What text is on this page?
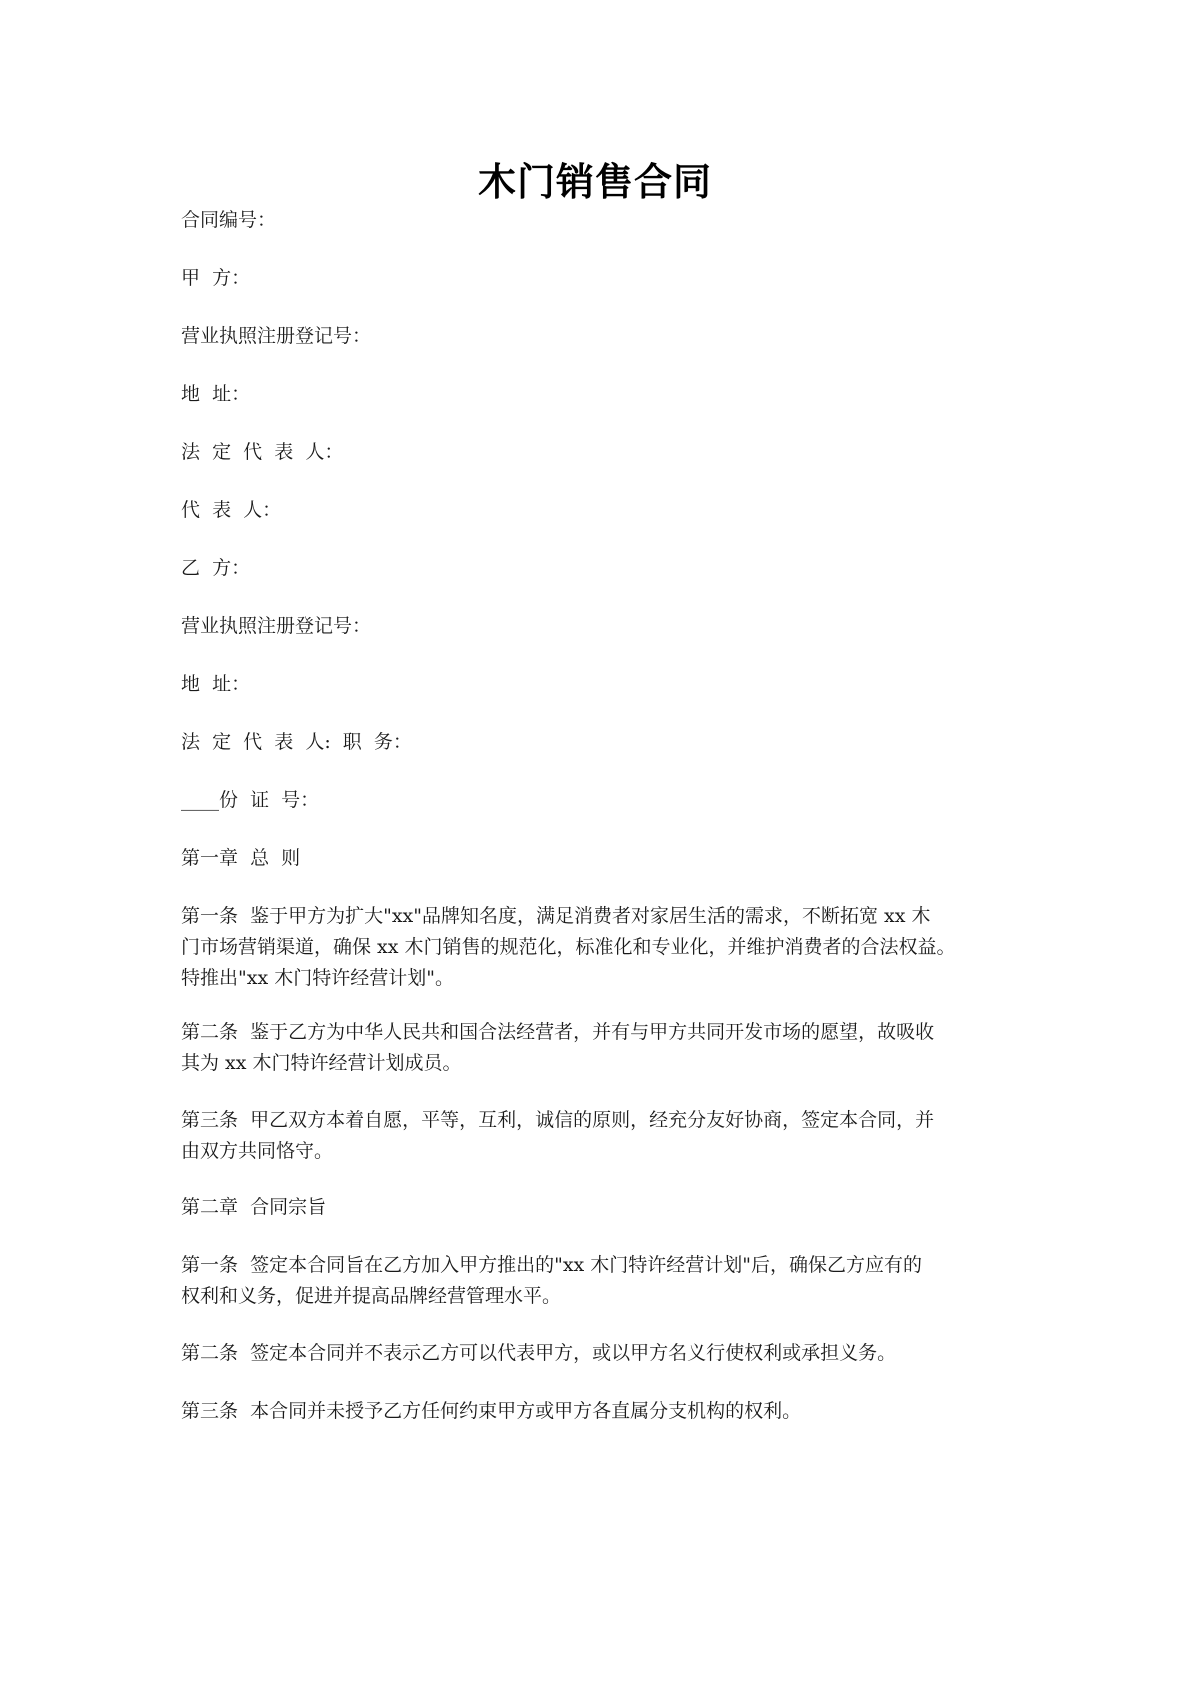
木门销售合同
合同编号：
甲  方：
营业执照注册登记号：
地  址：
法  定  代  表  人：
代  表  人：
乙  方：
营业执照注册登记号：
地  址：
法  定  代  表  人:  职  务：
____份  证  号：
第一章  总  则
第一条  鉴于甲方为扩大"xx"品牌知名度，满足消费者对家居生活的需求，不断拓宽 xx 木
门市场营销渠道，确保 xx 木门销售的规范化，标准化和专业化，并维护消费者的合法权益。
特推出"xx 木门特许经营计划"。
第二条  鉴于乙方为中华人民共和国合法经营者，并有与甲方共同开发市场的愿望，故吸收
其为 xx 木门特许经营计划成员。
第三条  甲乙双方本着自愿，平等，互利，诚信的原则，经充分友好协商，签定本合同，并
由双方共同恪守。
第二章  合同宗旨
第一条  签定本合同旨在乙方加入甲方推出的"xx 木门特许经营计划"后，确保乙方应有的
权利和义务，促进并提高品牌经营管理水平。
第二条  签定本合同并不表示乙方可以代表甲方，或以甲方名义行使权利或承担义务。
第三条  本合同并未授予乙方任何约束甲方或甲方各直属分支机构的权利。
